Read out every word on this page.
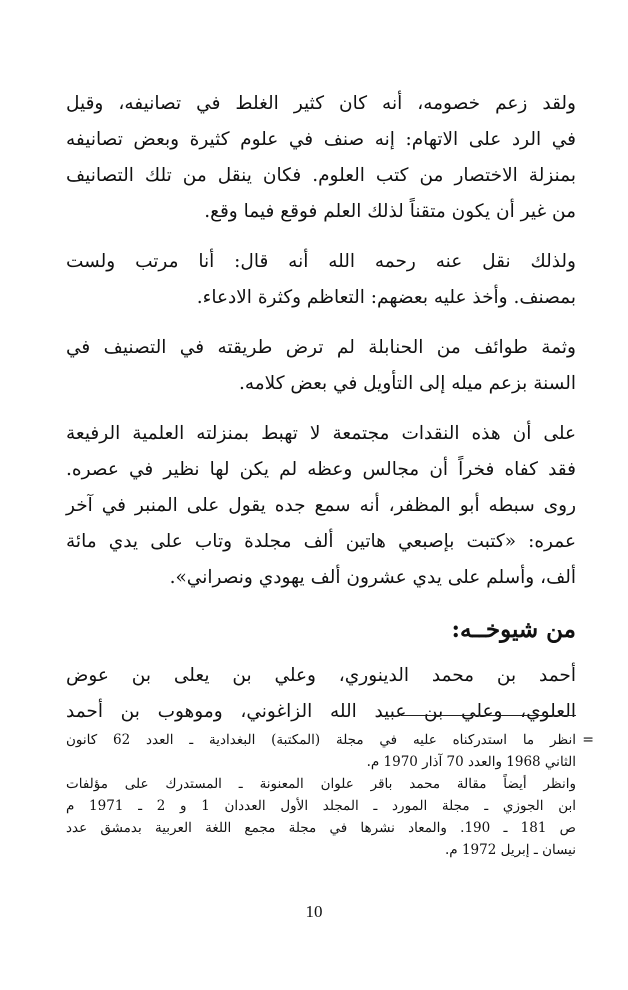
ولقد زعم خصومه، أنه كان كثير الغلط في تصانيفه، وقيل
في الرد على الاتهام: إنه صنف في علوم كثيرة وبعض تصانيفه
بمنزلة الاختصار من كتب العلوم. فكان ينقل من تلك التصانيف
من غير أن يكون متقناً لذلك العلم فوقع فيما وقع.

ولذلك نقل عنه رحمه الله أنه قال: أنا مرتب ولست
بمصنف. وأخذ عليه بعضهم: التعاظم وكثرة الادعاء.

وثمة طوائف من الحنابلة لم ترض طريقته في التصنيف في
السنة بزعم ميله إلى التأويل في بعض كلامه.

على أن هذه النقدات مجتمعة لا تهبط بمنزلته العلمية الرفيعة
فقد كفاه فخراً أن مجالس وعظه لم يكن لها نظير في عصره.
روى سبطه أبو المظفر، أنه سمع جده يقول على المنبر في آخر
عمره: «كتبت بإصبعي هاتين ألف مجلدة وتاب على يدي مائة
ألف، وأسلم على يدي عشرون ألف يهودي ونصراني».

من شيوخــه:

أحمد بن محمد الدينوري، وعلي بن يعلى بن عوض
العلوي، وعلي بن عبيد الله الزاغوني، وموهوب بن أحمد

=
انظر ما استدركناه عليه في مجلة (المكتبة) البغدادية ـ العدد 62 كانون
الثاني 1968 والعدد 70 آذار 1970 م.
وانظر أيضاً مقالة محمد باقر علوان المعنونة ـ المستدرك على مؤلفات
ابن الجوزي ـ مجلة المورد ـ المجلد الأول العددان 1 و 2 ـ 1971 م
ص 181 ـ 190. والمعاد نشرها في مجلة مجمع اللغة العربية بدمشق عدد
نيسان ـ إبريل 1972 م.
10
